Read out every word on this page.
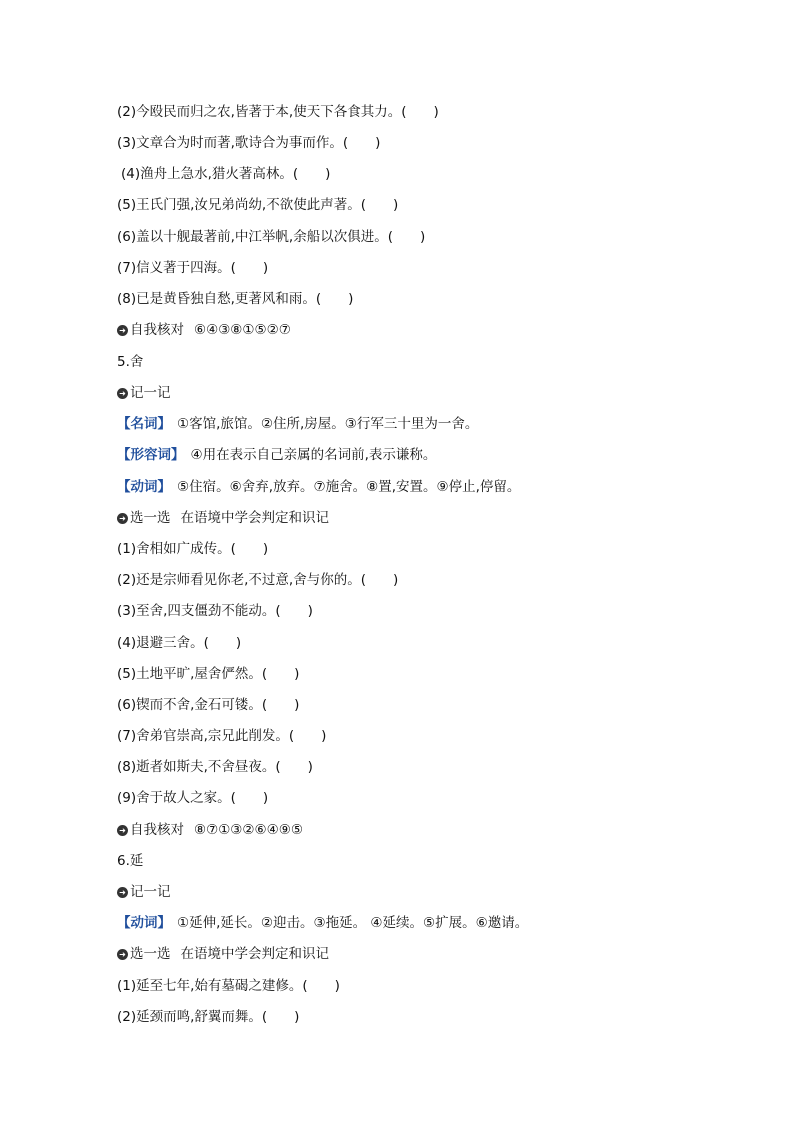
(2)今殴民而归之农,皆著于本,使天下各食其力。(　　)
(3)文章合为时而著,歌诗合为事而作。(　　)
(4)渔舟上急水,猎火著高林。(　　)
(5)王氏门强,汝兄弟尚幼,不欲使此声著。(　　)
(6)盖以十舰最著前,中江举帆,余船以次俱进。(　　)
(7)信义著于四海。(　　)
(8)已是黄昏独自愁,更著风和雨。(　　)
➜ 自我核对 ⑥④③⑧①⑤②⑦
5.舍
➜ 记一记
【名词】 ①客馆,旅馆。②住所,房屋。③行军三十里为一舍。
【形容词】 ④用在表示自己亲属的名词前,表示谦称。
【动词】 ⑤住宿。⑥舍弃,放弃。⑦施舍。⑧置,安置。⑨停止,停留。
➜ 选一选 在语境中学会判定和识记
(1)舍相如广成传。(　　)
(2)还是宗师看见你老,不过意,舍与你的。(　　)
(3)至舍,四支僵劲不能动。(　　)
(4)退避三舍。(　　)
(5)土地平旷,屋舍俨然。(　　)
(6)锲而不舍,金石可镂。(　　)
(7)舍弟官崇高,宗兄此削发。(　　)
(8)逝者如斯夫,不舍昼夜。(　　)
(9)舍于故人之家。(　　)
➜ 自我核对 ⑧⑦①③②⑥④⑨⑤
6.延
➜ 记一记
【动词】 ①延伸,延长。②迎击。③拖延。 ④延续。⑤扩展。⑥邀请。
➜ 选一选 在语境中学会判定和识记
(1)延至七年,始有墓碣之建修。(　　)
(2)延颈而鸣,舒翼而舞。(　　)
